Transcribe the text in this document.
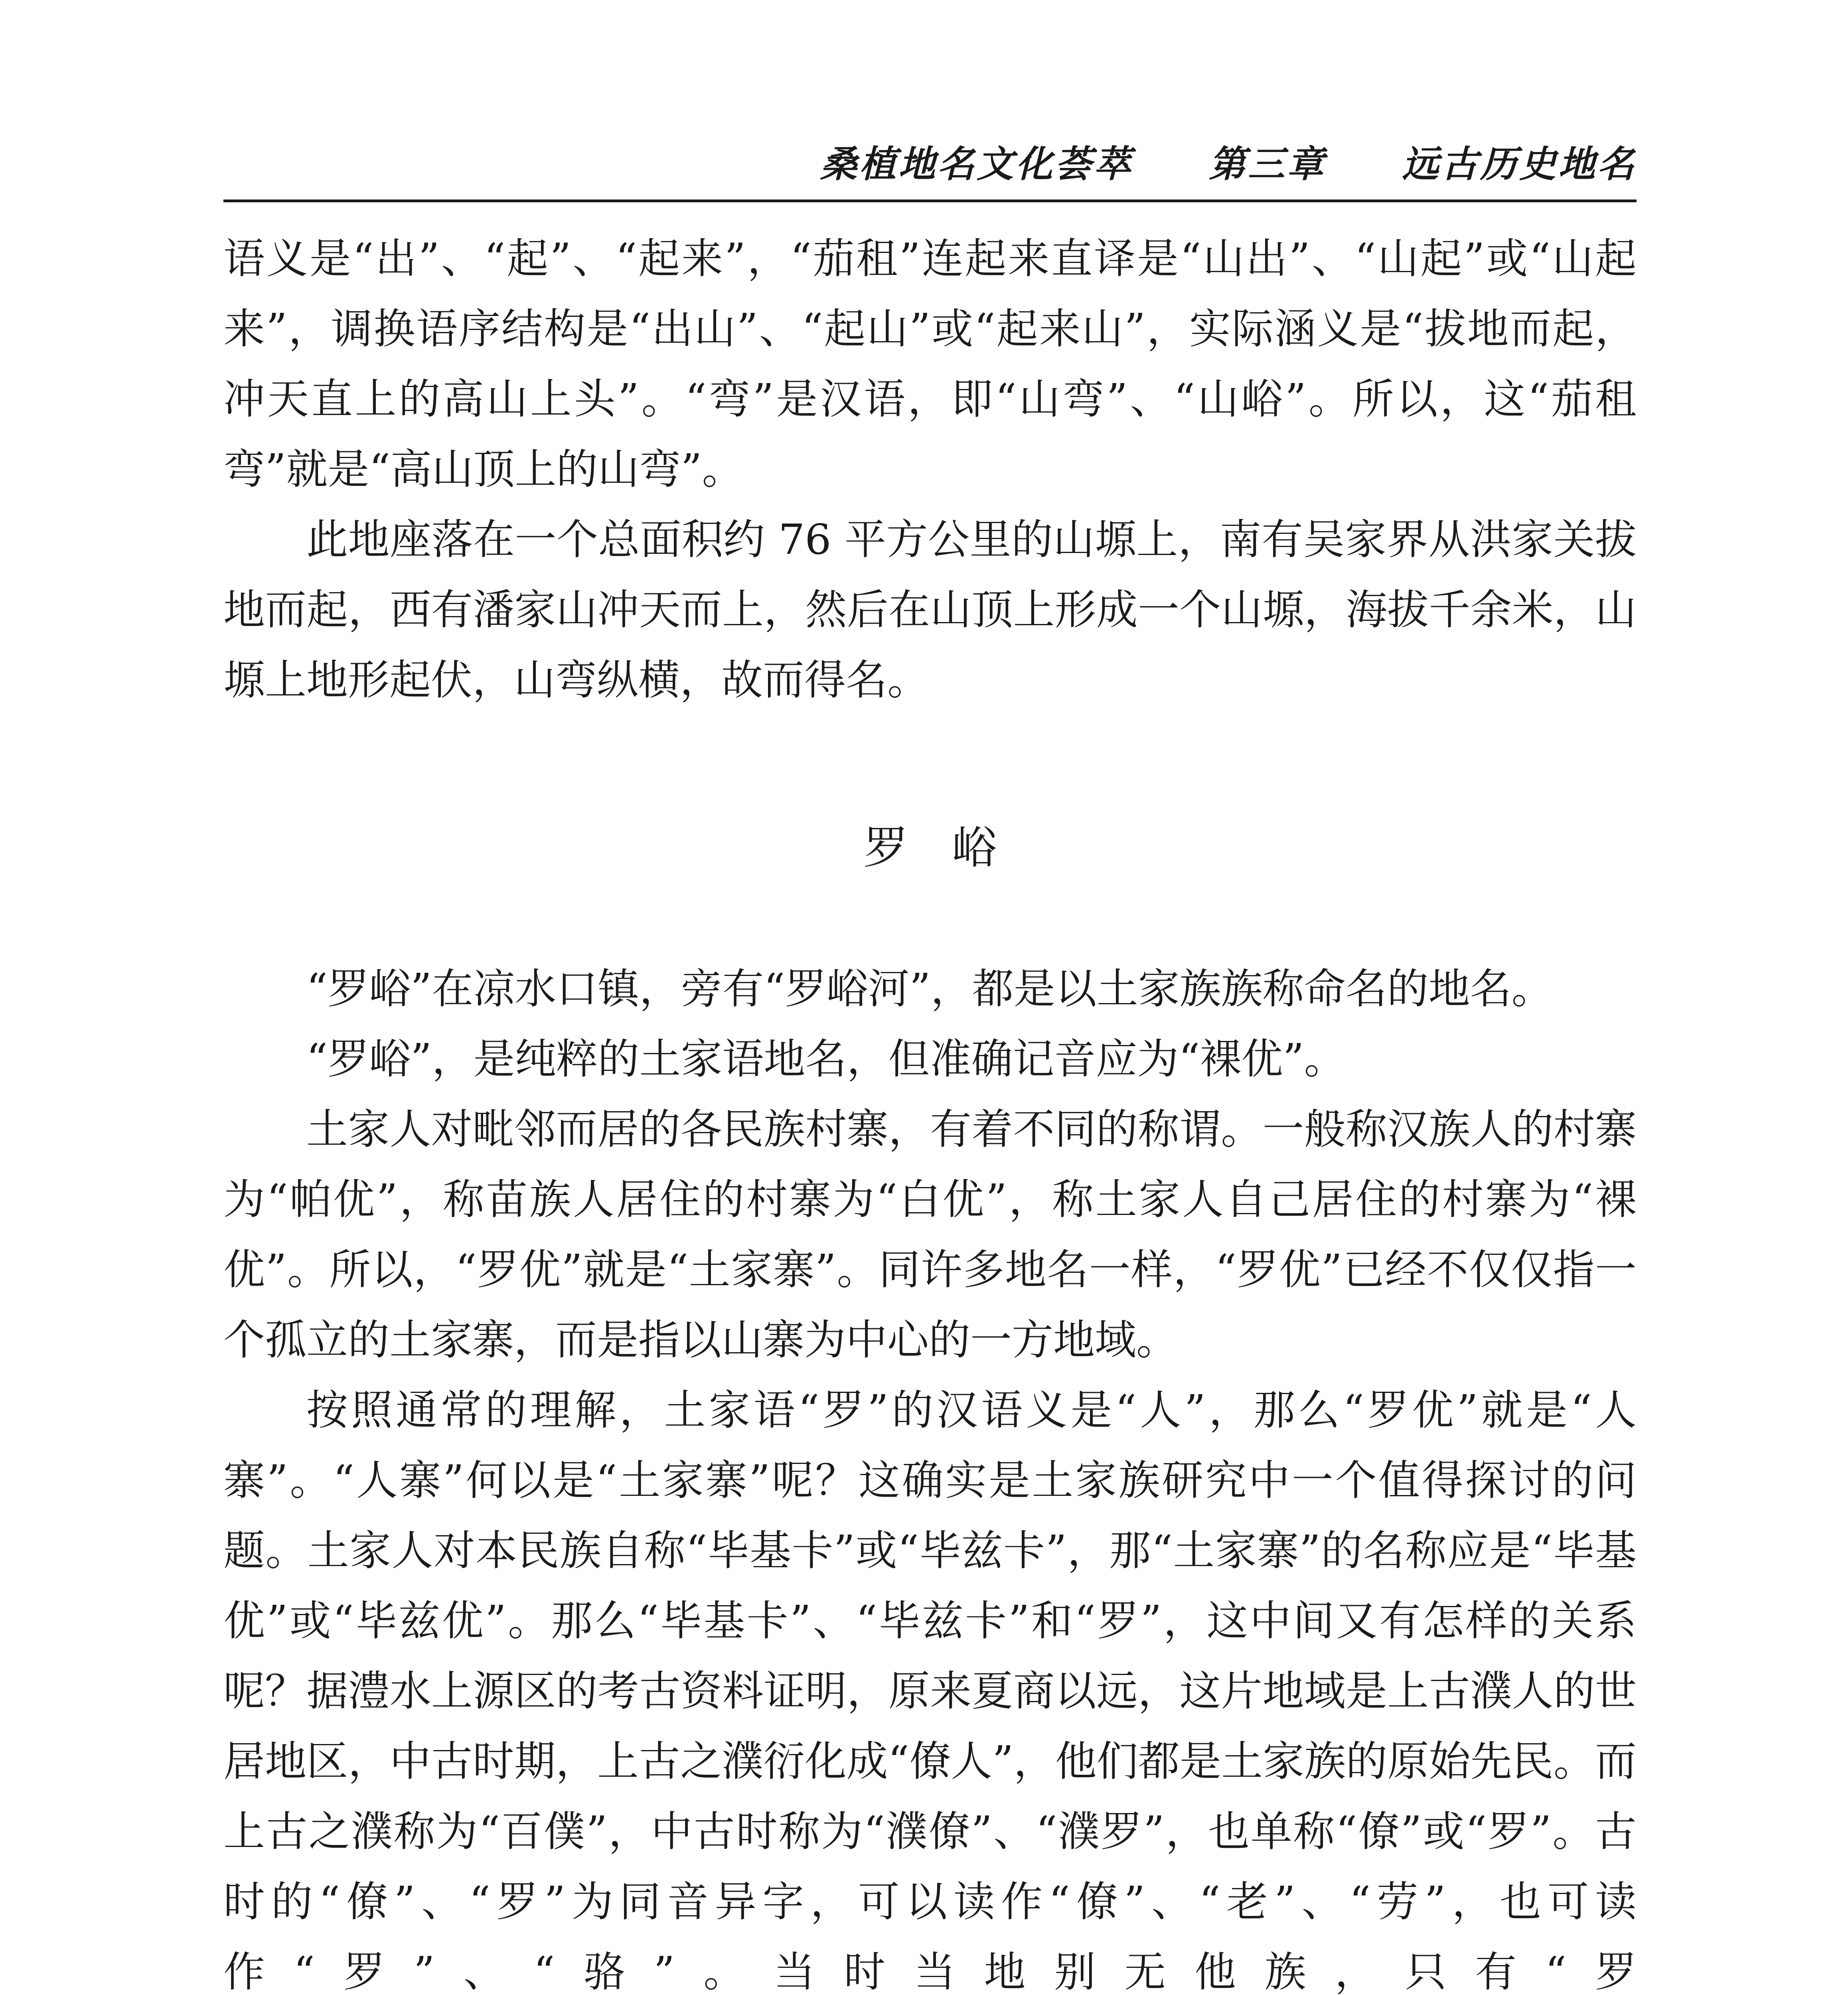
桑植地名文化荟萃 第三章 远古历史地名

语义是“出”、“起”、“起来”，“茄租”连起来直译是“山出”、“山起”或“山起来”，调换语序结构是“出山”、“起山”或“起来山”，实际涵义是“拔地而起，冲天直上的高山上头”。“弯”是汉语，即“山弯”、“山峪”。所以，这“茄租弯”就是“高山顶上的山弯”。

此地座落在一个总面积约 76 平方公里的山塬上，南有吴家界从洪家关拔地而起，西有潘家山冲天而上，然后在山顶上形成一个山塬，海拔千余米，山塬上地形起伏，山弯纵横，故而得名。

罗峪

“罗峪”在凉水口镇，旁有“罗峪河”，都是以土家族族称命名的地名。

“罗峪”，是纯粹的土家语地名，但准确记音应为“裸优”。

土家人对毗邻而居的各民族村寨，有着不同的称谓。一般称汉族人的村寨为“帕优”，称苗族人居住的村寨为“白优”，称土家人自己居住的村寨为“裸优”。所以，“罗优”就是“土家寨”。同许多地名一样，“罗优”已经不仅仅指一个孤立的土家寨，而是指以山寨为中心的一方地域。

按照通常的理解，土家语“罗”的汉语义是“人”，那么“罗优”就是“人寨”。“人寨”何以是“土家寨”呢？这确实是土家族研究中一个值得探讨的问题。土家人对本民族自称“毕基卡”或“毕兹卡”，那“土家寨”的名称应是“毕基优”或“毕兹优”。那么“毕基卡”、“毕兹卡”和“罗”，这中间又有怎样的关系呢？据澧水上源区的考古资料证明，原来夏商以远，这片地域是上古濮人的世居地区，中古时期，上古之濮衍化成“僚人”，他们都是土家族的原始先民。而上古之濮称为“百僕”，中古时称为“濮僚”、“濮罗”，也单称“僚”或“罗”。古时的“僚”、“罗”为同音异字，可以读作“僚”、“老”、“劳”，也可读作“罗”、“骆”。当时当地别无他族，只有“罗
